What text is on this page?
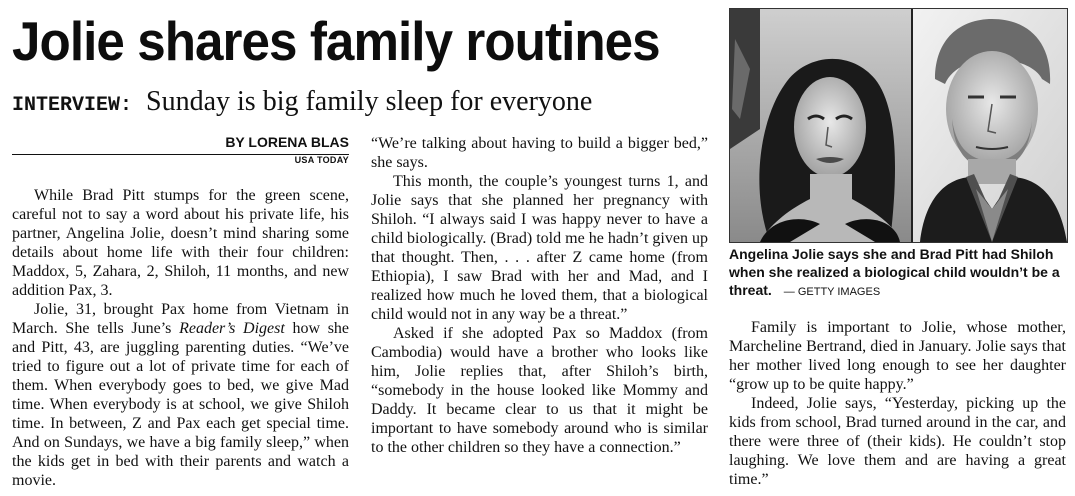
Jolie shares family routines
INTERVIEW: Sunday is big family sleep for everyone
BY LORENA BLAS
USA TODAY

While Brad Pitt stumps for the green scene, careful not to say a word about his private life, his partner, Angelina Jolie, doesn’t mind sharing some details about home life with their four children: Maddox, 5, Zahara, 2, Shiloh, 11 months, and new addition Pax, 3.

Jolie, 31, brought Pax home from Vietnam in March. She tells June’s Reader’s Digest how she and Pitt, 43, are juggling parenting duties. “We’ve tried to figure out a lot of private time for each of them. When everybody goes to bed, we give Mad time. When everybody is at school, we give Shiloh time. In between, Z and Pax each get special time. And on Sundays, we have a big family sleep,” when the kids get in bed with their parents and watch a movie.

“We’re talking about having to build a bigger bed,” she says.

This month, the couple’s youngest turns 1, and Jolie says that she planned her pregnancy with Shiloh. “I always said I was happy never to have a child biologically. (Brad) told me he hadn’t given up that thought. Then, . . . after Z came home (from Ethiopia), I saw Brad with her and Mad, and I realized how much he loved them, that a biological child would not in any way be a threat.”

Asked if she adopted Pax so Maddox (from Cambodia) would have a brother who looks like him, Jolie replies that, after Shiloh’s birth, “somebody in the house looked like Mommy and Daddy. It became clear to us that it might be important to have somebody around who is similar to the other children so they have a connection.”

Angelina Jolie says she and Brad Pitt had Shiloh when she realized a biological child wouldn’t be a threat. — GETTY IMAGES

Family is important to Jolie, whose mother, Marcheline Bertrand, died in January. Jolie says that her mother lived long enough to see her daughter “grow up to be quite happy.”

Indeed, Jolie says, “Yesterday, picking up the kids from school, Brad turned around in the car, and there were three of (their kids). He couldn’t stop laughing. We love them and are having a great time.”
